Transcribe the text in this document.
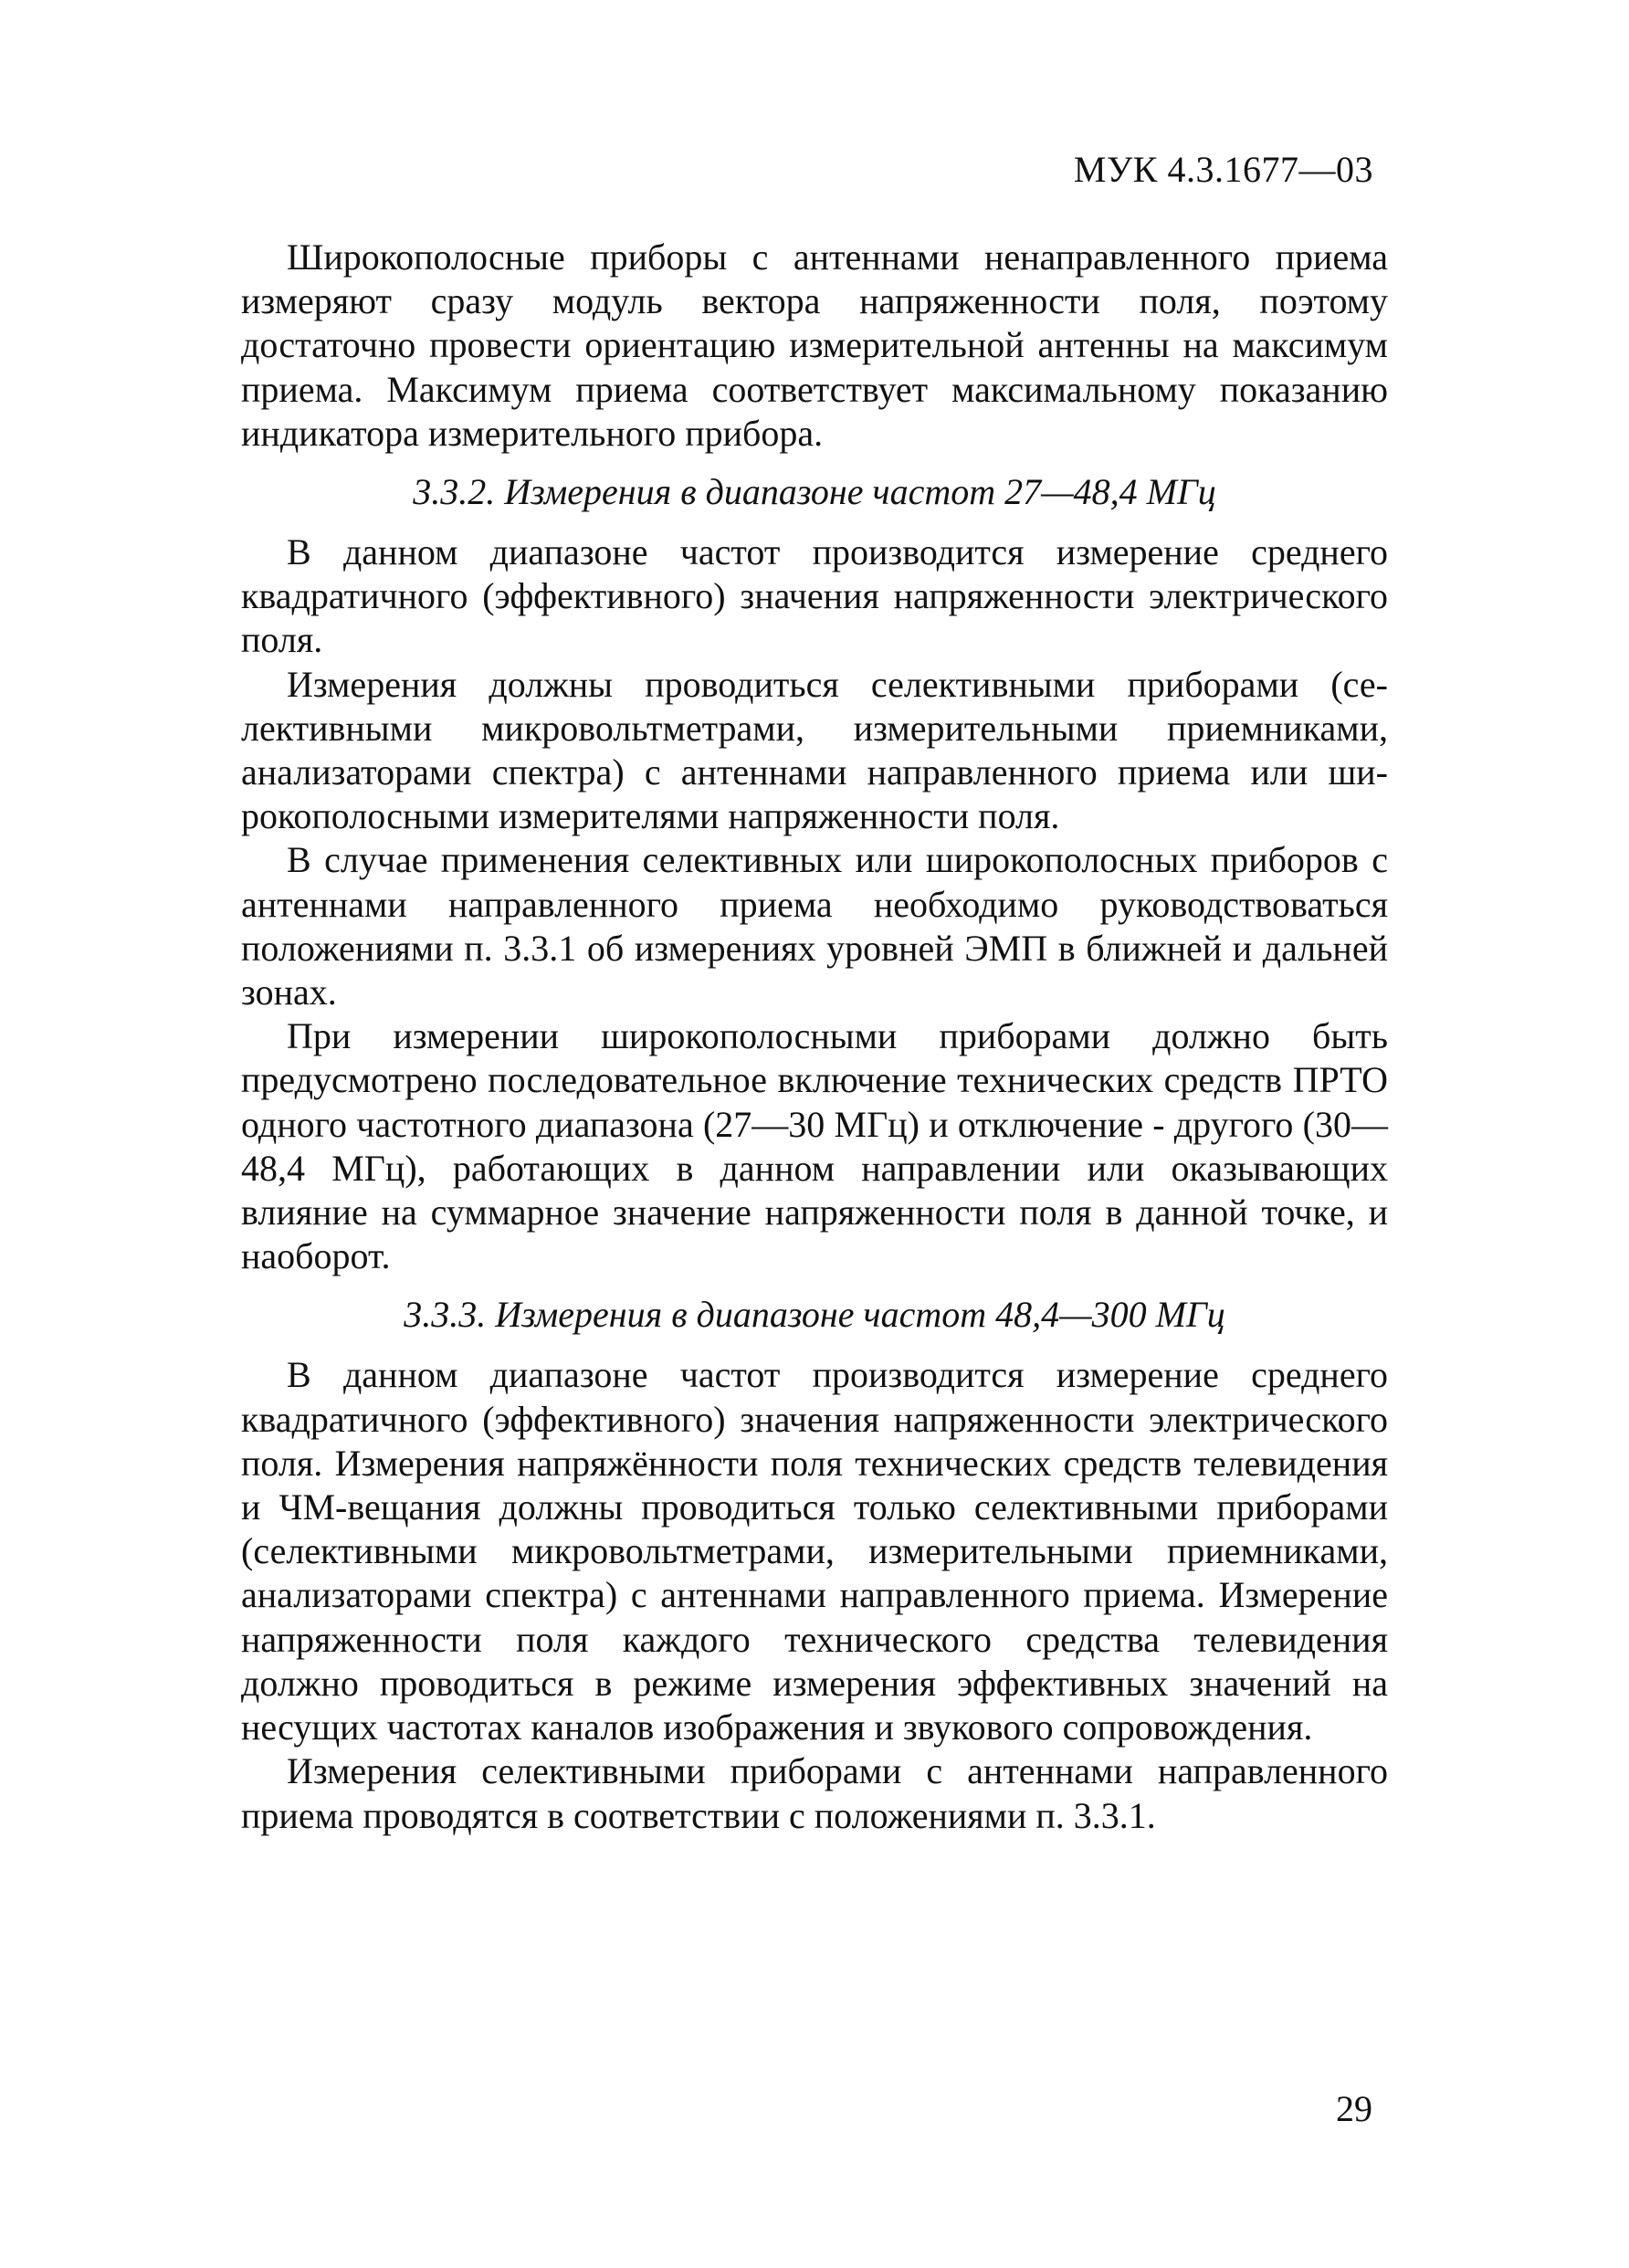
МУК 4.3.1677—03

Широкополосные приборы с антеннами ненаправленного приема измеряют сразу модуль вектора напряженности поля, поэтому достаточно провести ориентацию измерительной антенны на максимум приема. Максимум приема соответствует максимальному показанию индикатора измерительного прибора.

3.3.2. Измерения в диапазоне частот 27—48,4 МГц

В данном диапазоне частот производится измерение среднего квадратичного (эффективного) значения напряженности электрического поля.

Измерения должны проводиться селективными приборами (селективными микровольтметрами, измерительными приемниками, анализаторами спектра) с антеннами направленного приема или широкополосными измерителями напряженности поля.

В случае применения селективных или широкополосных приборов с антеннами направленного приема необходимо руководствоваться положениями п. 3.3.1 об измерениях уровней ЭМП в ближней и дальней зонах.

При измерении широкополосными приборами должно быть предусмотрено последовательное включение технических средств ПРТО одного частотного диапазона (27—30 МГц) и отключение - другого (30—48,4 МГц), работающих в данном направлении или оказывающих влияние на суммарное значение напряженности поля в данной точке, и наоборот.

3.3.3. Измерения в диапазоне частот 48,4—300 МГц

В данном диапазоне частот производится измерение среднего квадратичного (эффективного) значения напряженности электрического поля. Измерения напряжённости поля технических средств телевидения и ЧМ-вещания должны проводиться только селективными приборами (селективными микровольтметрами, измерительными приемниками, анализаторами спектра) с антеннами направленного приема. Измерение напряженности поля каждого технического средства телевидения должно проводиться в режиме измерения эффективных значений на несущих частотах каналов изображения и звукового сопровождения.

Измерения селективными приборами с антеннами направленного приема проводятся в соответствии с положениями п. 3.3.1.

29
